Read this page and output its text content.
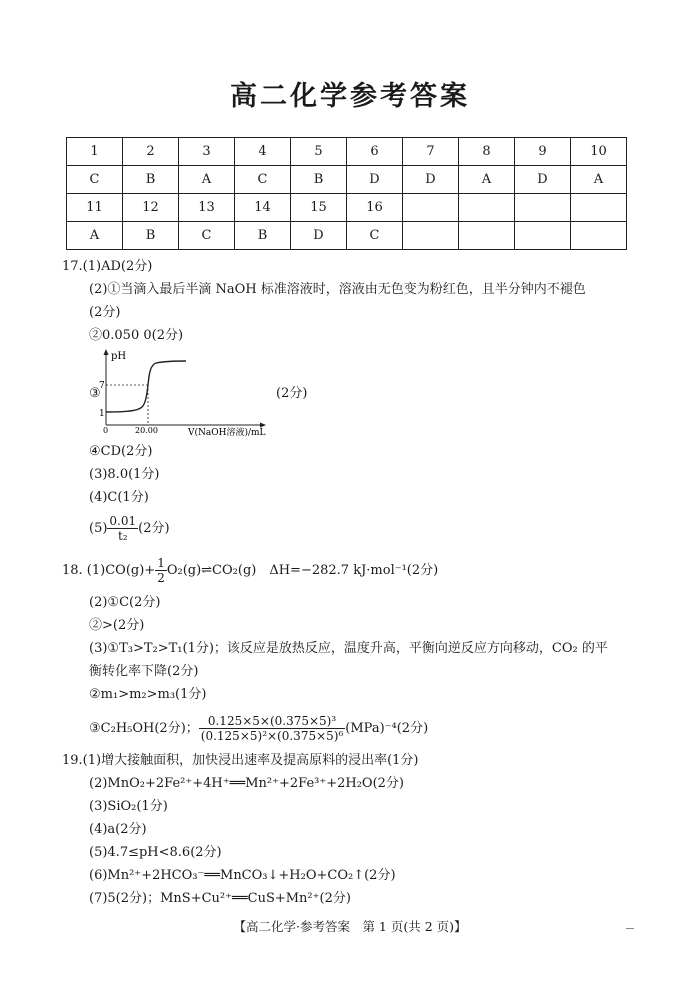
高二化学参考答案
1	2	3	4	5	6	7	8	9	10
C	B	A	C	B	D	D	A	D	A
11	12	13	14	15	16				
A	B	C	B	D	C				
17.(1)AD(2分)
(2)①当滴入最后半滴 NaOH 标准溶液时，溶液由无色变为粉红色，且半分钟内不褪色
(2分)
②0.050 0(2分)
③
pH
7
1
0	20.00	V(NaOH溶液)/mL
(2分)
④CD(2分)
(3)8.0(1分)
(4)C(1分)
$(5) \frac{0.01}{\text{t₂}} (2$分)
18. $(1)CO(g)+ \frac{1}{2}$ O₂(g)⇌CO₂(g)　ΔH=−282.7 kJ·mol⁻¹(2分)
(2)①C(2分)
②>(2分)
(3)①T₃>T₂>T₁(1分)；该反应是放热反应，温度升高，平衡向逆反应方向移动，CO₂ 的平
衡转化率下降(2分)
②m₁>m₂>m₃(1分)
③C₂H₅OH(2分)； $\frac{\text{0.125×5×(0.375×5)³}}{\text{(0.125×5)²×(0.375×5)⁶}} (MPa)^{-4}(2$分)
19.(1)增大接触面积，加快浸出速率及提高原料的浸出率(1分)
(2)MnO₂+2Fe²⁺+4H⁺══Mn²⁺+2Fe³⁺+2H₂O(2分)
(3)SiO₂(1分)
(4)a(2分)
(5)4.7≤pH<8.6(2分)
(6)Mn²⁺+2HCO₃⁻══MnCO₃↓+H₂O+CO₂↑(2分)
(7)5(2分)；MnS+Cu²⁺══CuS+Mn²⁺(2分)
【高二化学·参考答案　第 1 页(共 2 页)】
